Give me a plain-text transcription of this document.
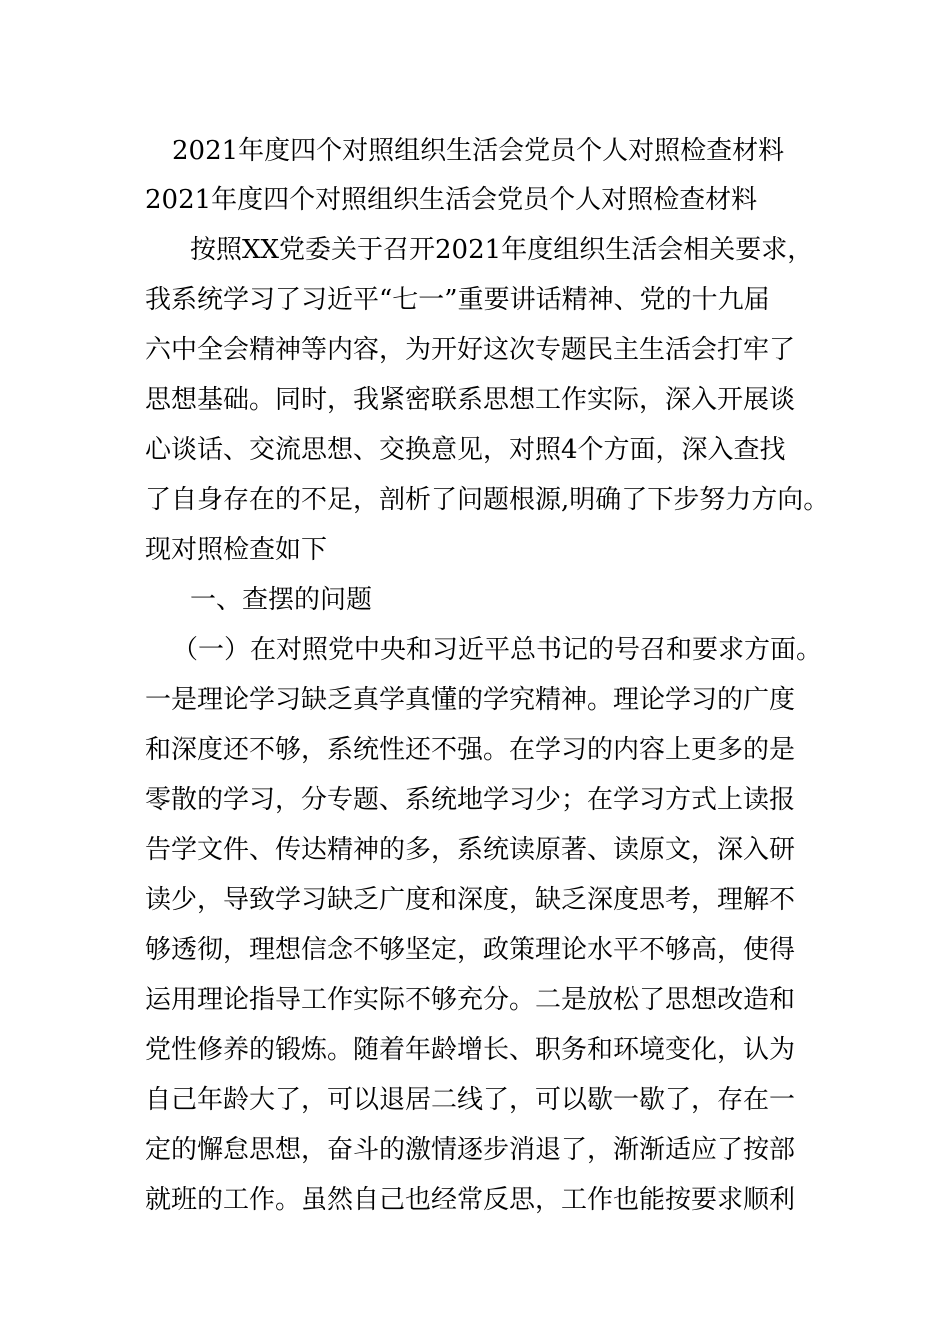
2021年度四个对照组织生活会党员个人对照检查材料
2021年度四个对照组织生活会党员个人对照检查材料
按照XX党委关于召开2021年度组织生活会相关要求，
我系统学习了习近平“七一”重要讲话精神、党的十九届
六中全会精神等内容，为开好这次专题民主生活会打牢了
思想基础。同时，我紧密联系思想工作实际，深入开展谈
心谈话、交流思想、交换意见，对照4个方面，深入查找
了自身存在的不足，剖析了问题根源,明确了下步努力方向。
现对照检查如下
一、查摆的问题
（一）在对照党中央和习近平总书记的号召和要求方面。
一是理论学习缺乏真学真懂的学究精神。理论学习的广度
和深度还不够，系统性还不强。在学习的内容上更多的是
零散的学习，分专题、系统地学习少；在学习方式上读报
告学文件、传达精神的多，系统读原著、读原文，深入研
读少，导致学习缺乏广度和深度，缺乏深度思考，理解不
够透彻，理想信念不够坚定，政策理论水平不够高，使得
运用理论指导工作实际不够充分。二是放松了思想改造和
党性修养的锻炼。随着年龄增长、职务和环境变化，认为
自己年龄大了，可以退居二线了，可以歇一歇了，存在一
定的懈怠思想，奋斗的激情逐步消退了，渐渐适应了按部
就班的工作。虽然自己也经常反思，工作也能按要求顺利
